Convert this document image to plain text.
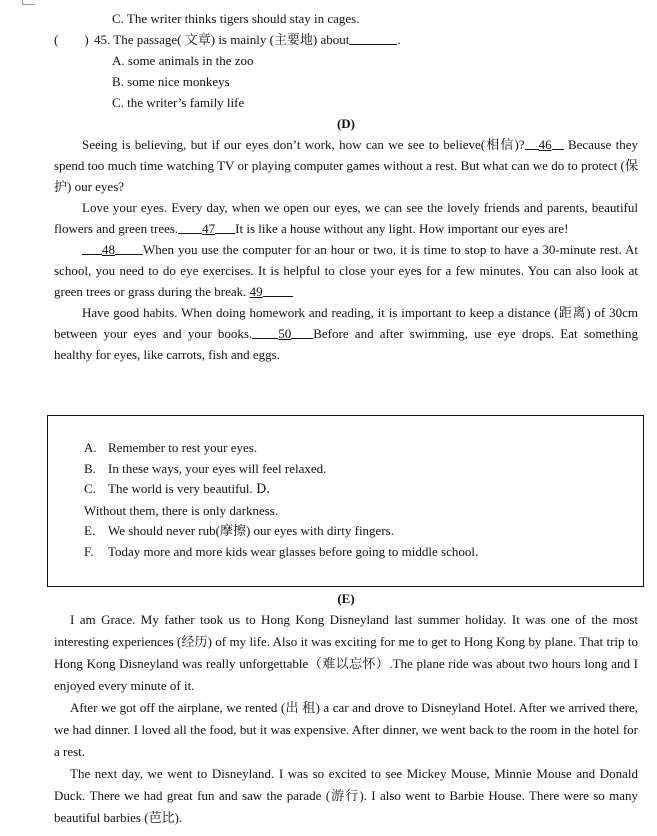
C. The writer thinks tigers should stay in cages.
( ) 45. The passage( 文章) is mainly (主要地) about	.
A. some animals in the zoo
B. some nice monkeys
C. the writer’s family life
(D)

Seeing is believing, but if our eyes don’t work, how can we see to believe(相信)? 46 Because they spend too much time watching TV or playing computer games without a rest. But what can we do to protect (保护) our eyes?

Love your eyes. Every day, when we open our eyes, we can see the lovely friends and parents, beautiful flowers and green trees. 47 It is like a house without any light. How important our eyes are!

48 When you use the computer for an hour or two, it is time to stop to have a 30-minute rest. At school, you need to do eye exercises. It is helpful to close your eyes for a few minutes. You can also look at green trees or grass during the break. 49

Have good habits. When doing homework and reading, it is important to keep a distance (距离) of 30cm between your eyes and your books. 50 Before and after swimming, use eye drops. Eat something healthy for eyes, like carrots, fish and eggs.

A. Remember to rest your eyes.
B. In these ways, your eyes will feel relaxed.
C. The world is very beautiful. D.
Without them, there is only darkness.
E. We should never rub(摩擦) our eyes with dirty fingers.
F. Today more and more kids wear glasses before going to middle school.
(E)

I am Grace. My father took us to Hong Kong Disneyland last summer holiday. It was one of the most interesting experiences (经历) of my life. Also it was exciting for me to get to Hong Kong by plane. That trip to Hong Kong Disneyland was really unforgettable（难以忘怀）.The plane ride was about two hours long and I enjoyed every minute of it.

After we got off the airplane, we rented (出 租) a car and drove to Disneyland Hotel. After we arrived there, we had dinner. I loved all the food, but it was expensive. After dinner, we went back to the room in the hotel for a rest.

The next day, we went to Disneyland. I was so excited to see Mickey Mouse, Minnie Mouse and Donald Duck. There we had great fun and saw the parade (游行). I also went to Barbie House. There were so many beautiful barbies (芭比).
